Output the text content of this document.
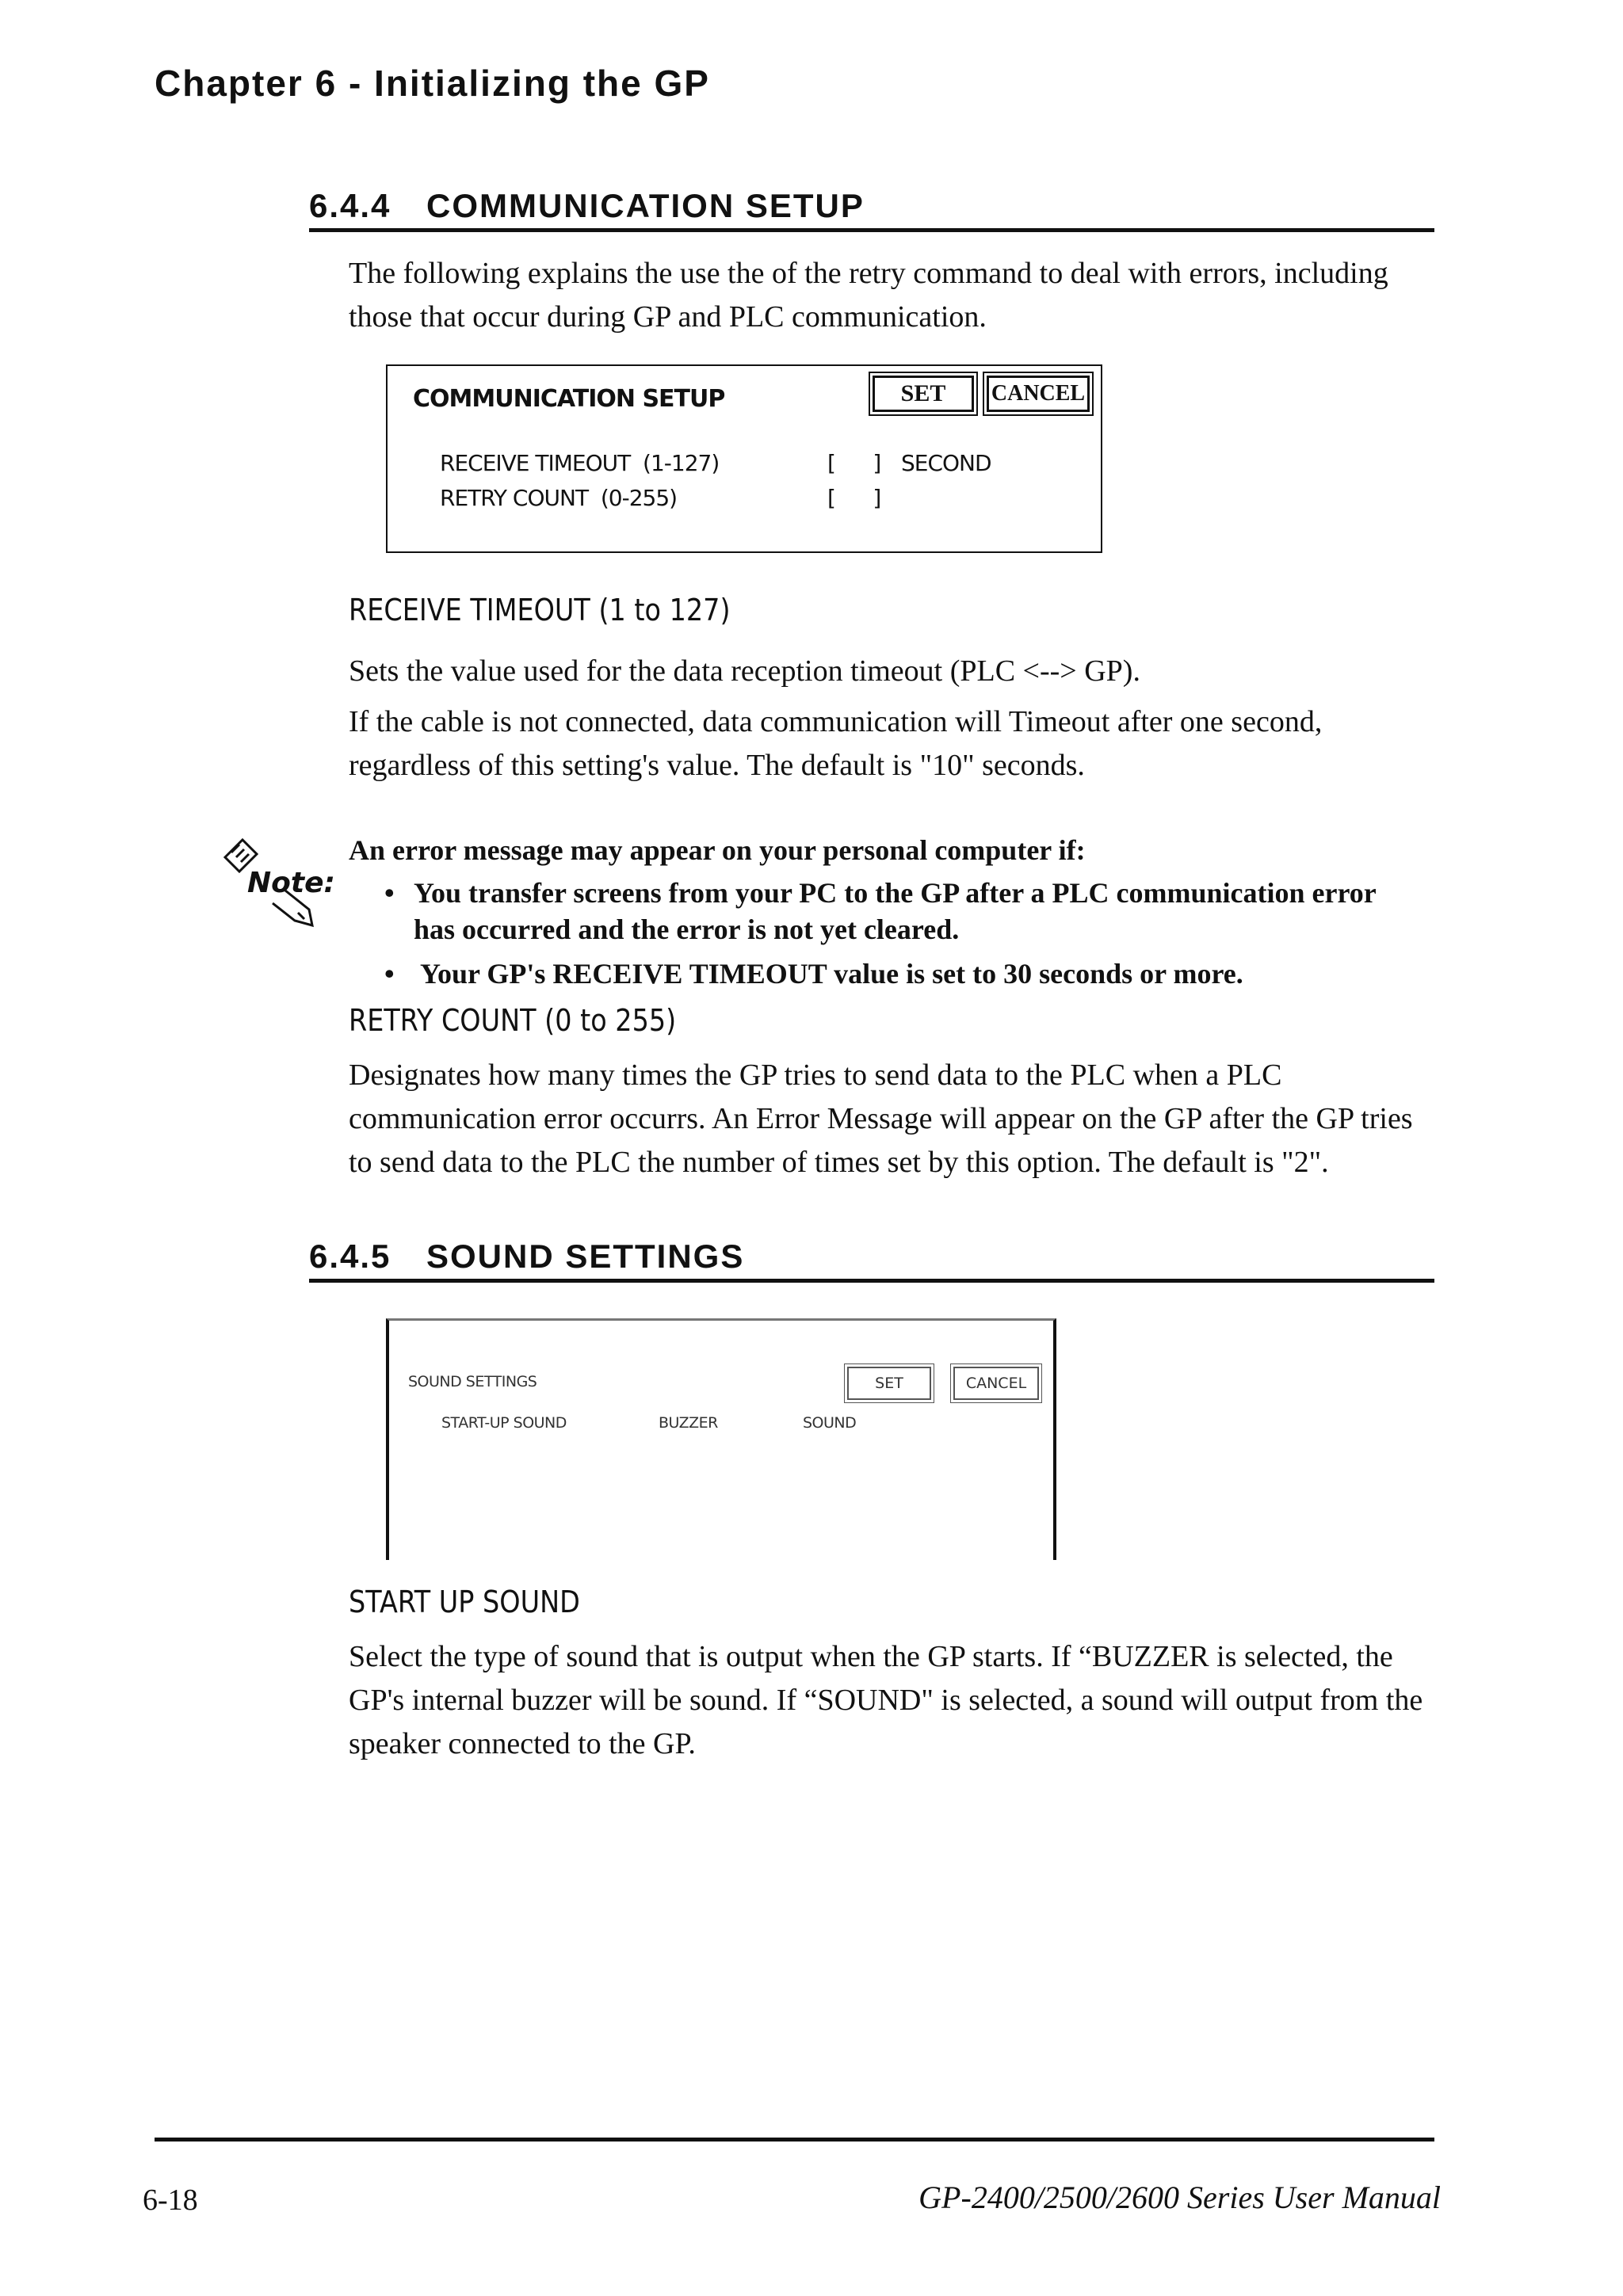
Chapter 6 - Initializing the GP
6.4.4 COMMUNICATION SETUP
The following explains the use the of the retry command to deal with errors, including those that occur during GP and PLC communication.
COMMUNICATION SETUP	SET	CANCEL
RECEIVE TIMEOUT  (1-127)	[      ] SECOND
RETRY COUNT  (0-255)	[      ]
RECEIVE TIMEOUT (1 to 127)
Sets the value used for the data reception timeout (PLC <--> GP).
If the cable is not connected, data communication will Timeout after one second, regardless of this setting's value. The default is "10" seconds.
Note:
An error message may appear on your personal computer if:
• You transfer screens from your PC to the GP after a PLC communication error has occurred and the error is not yet cleared.
• Your GP's RECEIVE TIMEOUT value is set to 30 seconds or more.
RETRY COUNT (0 to 255)
Designates how many times the GP tries to send data to the PLC when a PLC communication error occurrs. An Error Message will appear on the GP after the GP tries to send data to the PLC the number of times set by this option. The default is "2".
6.4.5 SOUND SETTINGS
SOUND SETTINGS	SET	CANCEL
START-UP SOUND	BUZZER	SOUND
START UP SOUND
Select the type of sound that is output when the GP starts. If “BUZZER is selected, the GP's internal buzzer will be sound. If “SOUND" is selected, a sound will output from the speaker connected to the GP.
6-18	GP-2400/2500/2600 Series User Manual
